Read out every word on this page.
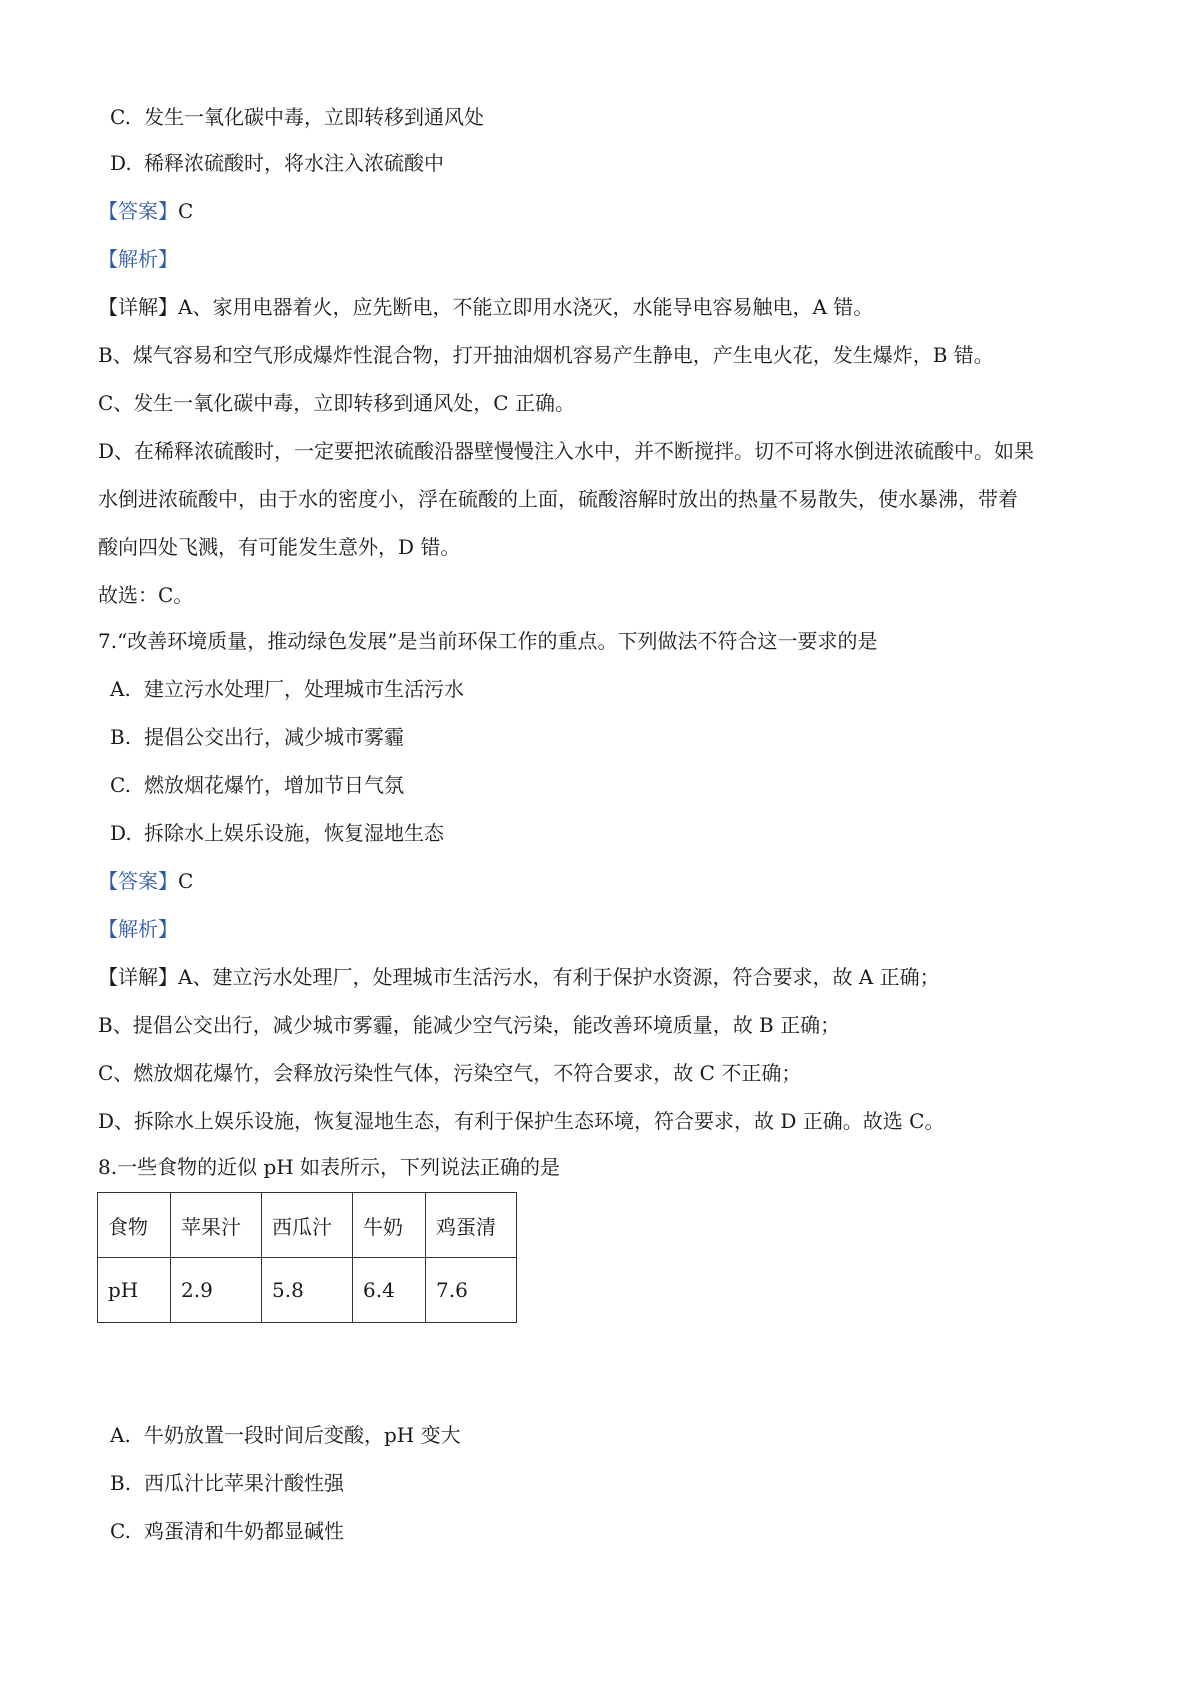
C. 发生一氧化碳中毒，立即转移到通风处
D. 稀释浓硫酸时，将水注入浓硫酸中
【答案】C
【解析】
【详解】A、家用电器着火，应先断电，不能立即用水浇灭，水能导电容易触电，A 错。
B、煤气容易和空气形成爆炸性混合物，打开抽油烟机容易产生静电，产生电火花，发生爆炸，B 错。
C、发生一氧化碳中毒，立即转移到通风处，C 正确。
D、在稀释浓硫酸时，一定要把浓硫酸沿器壁慢慢注入水中，并不断搅拌。切不可将水倒进浓硫酸中。如果
水倒进浓硫酸中，由于水的密度小，浮在硫酸的上面，硫酸溶解时放出的热量不易散失，使水暴沸，带着
酸向四处飞溅，有可能发生意外，D 错。
故选：C。
7.“改善环境质量，推动绿色发展”是当前环保工作的重点。下列做法不符合这一要求的是
A. 建立污水处理厂，处理城市生活污水
B. 提倡公交出行，减少城市雾霾
C. 燃放烟花爆竹，增加节日气氛
D. 拆除水上娱乐设施，恢复湿地生态
【答案】C
【解析】
【详解】A、建立污水处理厂，处理城市生活污水，有利于保护水资源，符合要求，故 A 正确；
B、提倡公交出行，减少城市雾霾，能减少空气污染，能改善环境质量，故 B 正确；
C、燃放烟花爆竹，会释放污染性气体，污染空气，不符合要求，故 C 不正确；
D、拆除水上娱乐设施，恢复湿地生态，有利于保护生态环境，符合要求，故 D 正确。故选 C。
8.一些食物的近似 pH 如表所示，下列说法正确的是
食物	苹果汁	西瓜汁	牛奶	鸡蛋清
pH	2.9	5.8	6.4	7.6
A. 牛奶放置一段时间后变酸，pH 变大
B. 西瓜汁比苹果汁酸性强
C. 鸡蛋清和牛奶都显碱性
